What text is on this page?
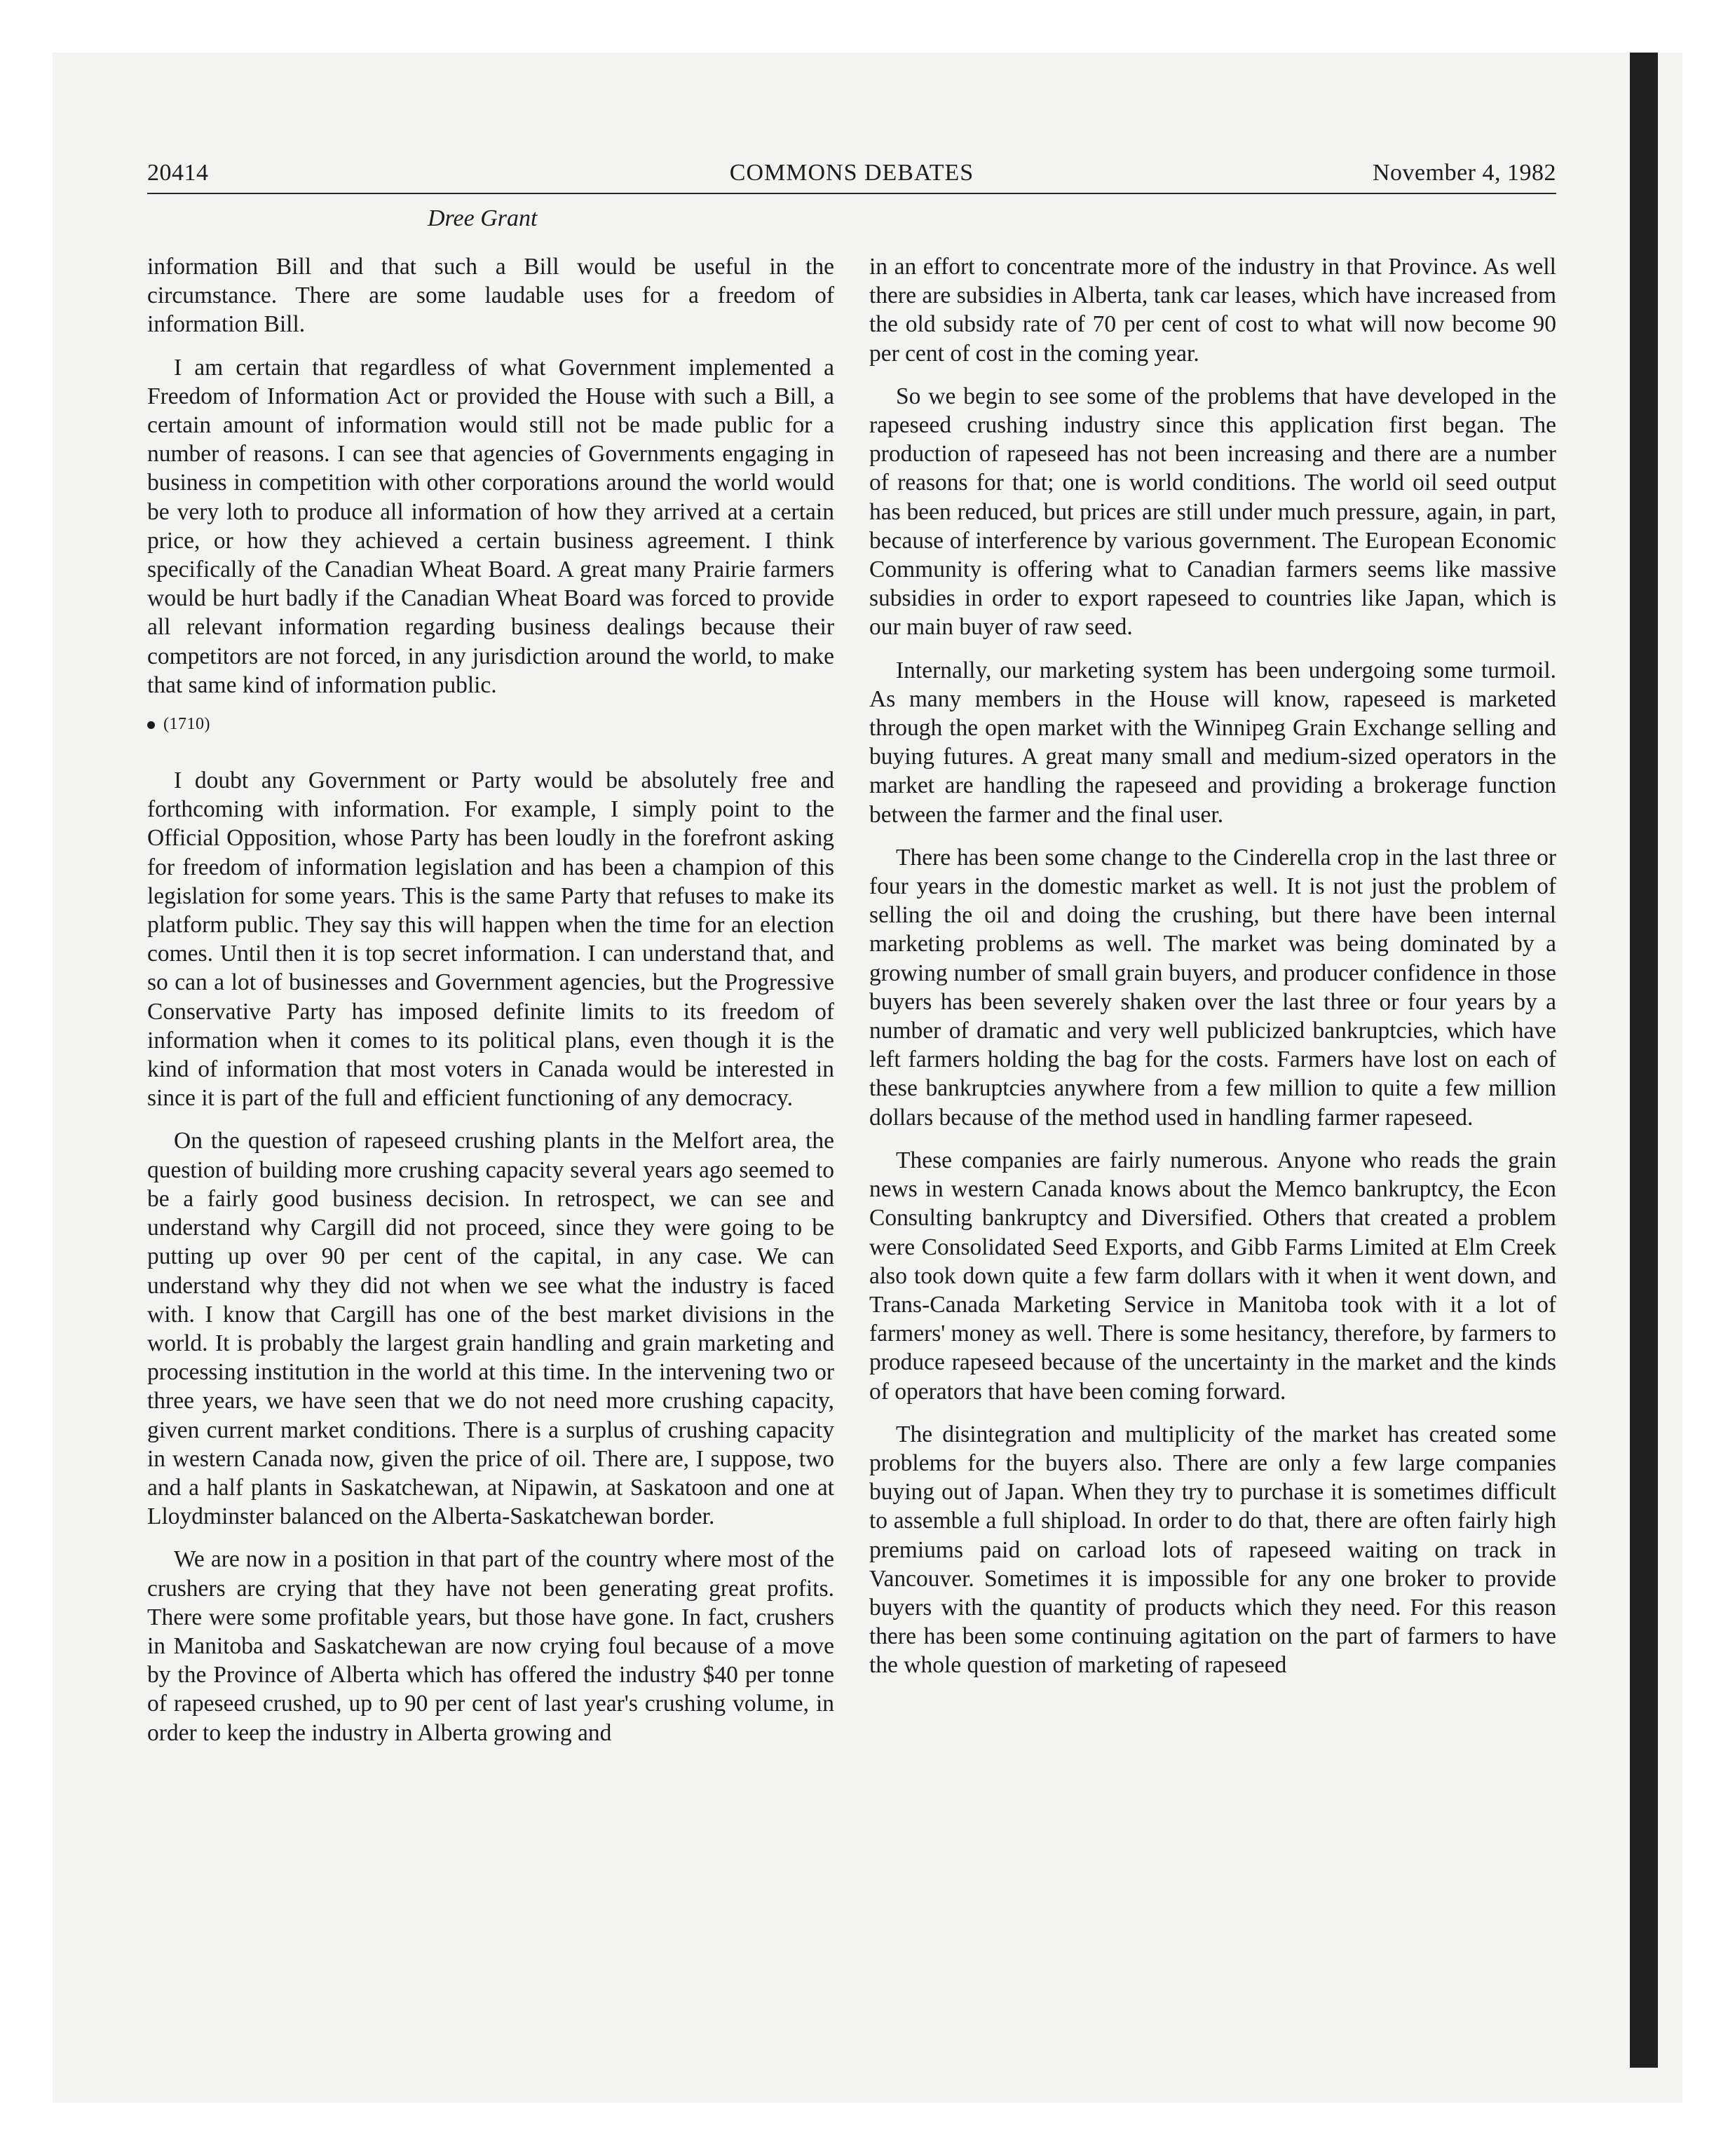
COMMONS DEBATES
20414	November 4, 1982
Dree Grant

information Bill and that such a Bill would be useful in the circumstance. There are some laudable uses for a freedom of information Bill.

I am certain that regardless of what Government implemented a Freedom of Information Act or provided the House with such a Bill, a certain amount of information would still not be made public for a number of reasons. I can see that agencies of Governments engaging in business in competition with other corporations around the world would be very loth to produce all information of how they arrived at a certain price, or how they achieved a certain business agreement. I think specifically of the Canadian Wheat Board. A great many Prairie farmers would be hurt badly if the Canadian Wheat Board was forced to provide all relevant information regarding business dealings because their competitors are not forced, in any jurisdiction around the world, to make that same kind of information public.

(1710)

I doubt any Government or Party would be absolutely free and forthcoming with information. For example, I simply point to the Official Opposition, whose Party has been loudly in the forefront asking for freedom of information legislation and has been a champion of this legislation for some years. This is the same Party that refuses to make its platform public. They say this will happen when the time for an election comes. Until then it is top secret information. I can understand that, and so can a lot of businesses and Government agencies, but the Progressive Conservative Party has imposed definite limits to its freedom of information when it comes to its political plans, even though it is the kind of information that most voters in Canada would be interested in since it is part of the full and efficient functioning of any democracy.

On the question of rapeseed crushing plants in the Melfort area, the question of building more crushing capacity several years ago seemed to be a fairly good business decision. In retrospect, we can see and understand why Cargill did not proceed, since they were going to be putting up over 90 per cent of the capital, in any case. We can understand why they did not when we see what the industry is faced with. I know that Cargill has one of the best market divisions in the world. It is probably the largest grain handling and grain marketing and processing institution in the world at this time. In the intervening two or three years, we have seen that we do not need more crushing capacity, given current market conditions. There is a surplus of crushing capacity in western Canada now, given the price of oil. There are, I suppose, two and a half plants in Saskatchewan, at Nipawin, at Saskatoon and one at Lloydminster balanced on the Alberta-Saskatchewan border.

We are now in a position in that part of the country where most of the crushers are crying that they have not been generating great profits. There were some profitable years, but those have gone. In fact, crushers in Manitoba and Saskatchewan are now crying foul because of a move by the Province of Alberta which has offered the industry $40 per tonne of rapeseed crushed, up to 90 per cent of last year's crushing volume, in order to keep the industry in Alberta growing and

in an effort to concentrate more of the industry in that Province. As well there are subsidies in Alberta, tank car leases, which have increased from the old subsidy rate of 70 per cent of cost to what will now become 90 per cent of cost in the coming year.

So we begin to see some of the problems that have developed in the rapeseed crushing industry since this application first began. The production of rapeseed has not been increasing and there are a number of reasons for that; one is world conditions. The world oil seed output has been reduced, but prices are still under much pressure, again, in part, because of interference by various government. The European Economic Community is offering what to Canadian farmers seems like massive subsidies in order to export rapeseed to countries like Japan, which is our main buyer of raw seed.

Internally, our marketing system has been undergoing some turmoil. As many members in the House will know, rapeseed is marketed through the open market with the Winnipeg Grain Exchange selling and buying futures. A great many small and medium-sized operators in the market are handling the rapeseed and providing a brokerage function between the farmer and the final user.

There has been some change to the Cinderella crop in the last three or four years in the domestic market as well. It is not just the problem of selling the oil and doing the crushing, but there have been internal marketing problems as well. The market was being dominated by a growing number of small grain buyers, and producer confidence in those buyers has been severely shaken over the last three or four years by a number of dramatic and very well publicized bankruptcies, which have left farmers holding the bag for the costs. Farmers have lost on each of these bankruptcies anywhere from a few million to quite a few million dollars because of the method used in handling farmer rapeseed.

These companies are fairly numerous. Anyone who reads the grain news in western Canada knows about the Memco bankruptcy, the Econ Consulting bankruptcy and Diversified. Others that created a problem were Consolidated Seed Exports, and Gibb Farms Limited at Elm Creek also took down quite a few farm dollars with it when it went down, and Trans-Canada Marketing Service in Manitoba took with it a lot of farmers' money as well. There is some hesitancy, therefore, by farmers to produce rapeseed because of the uncertainty in the market and the kinds of operators that have been coming forward.

The disintegration and multiplicity of the market has created some problems for the buyers also. There are only a few large companies buying out of Japan. When they try to purchase it is sometimes difficult to assemble a full shipload. In order to do that, there are often fairly high premiums paid on carload lots of rapeseed waiting on track in Vancouver. Sometimes it is impossible for any one broker to provide buyers with the quantity of products which they need. For this reason there has been some continuing agitation on the part of farmers to have the whole question of marketing of rapeseed
